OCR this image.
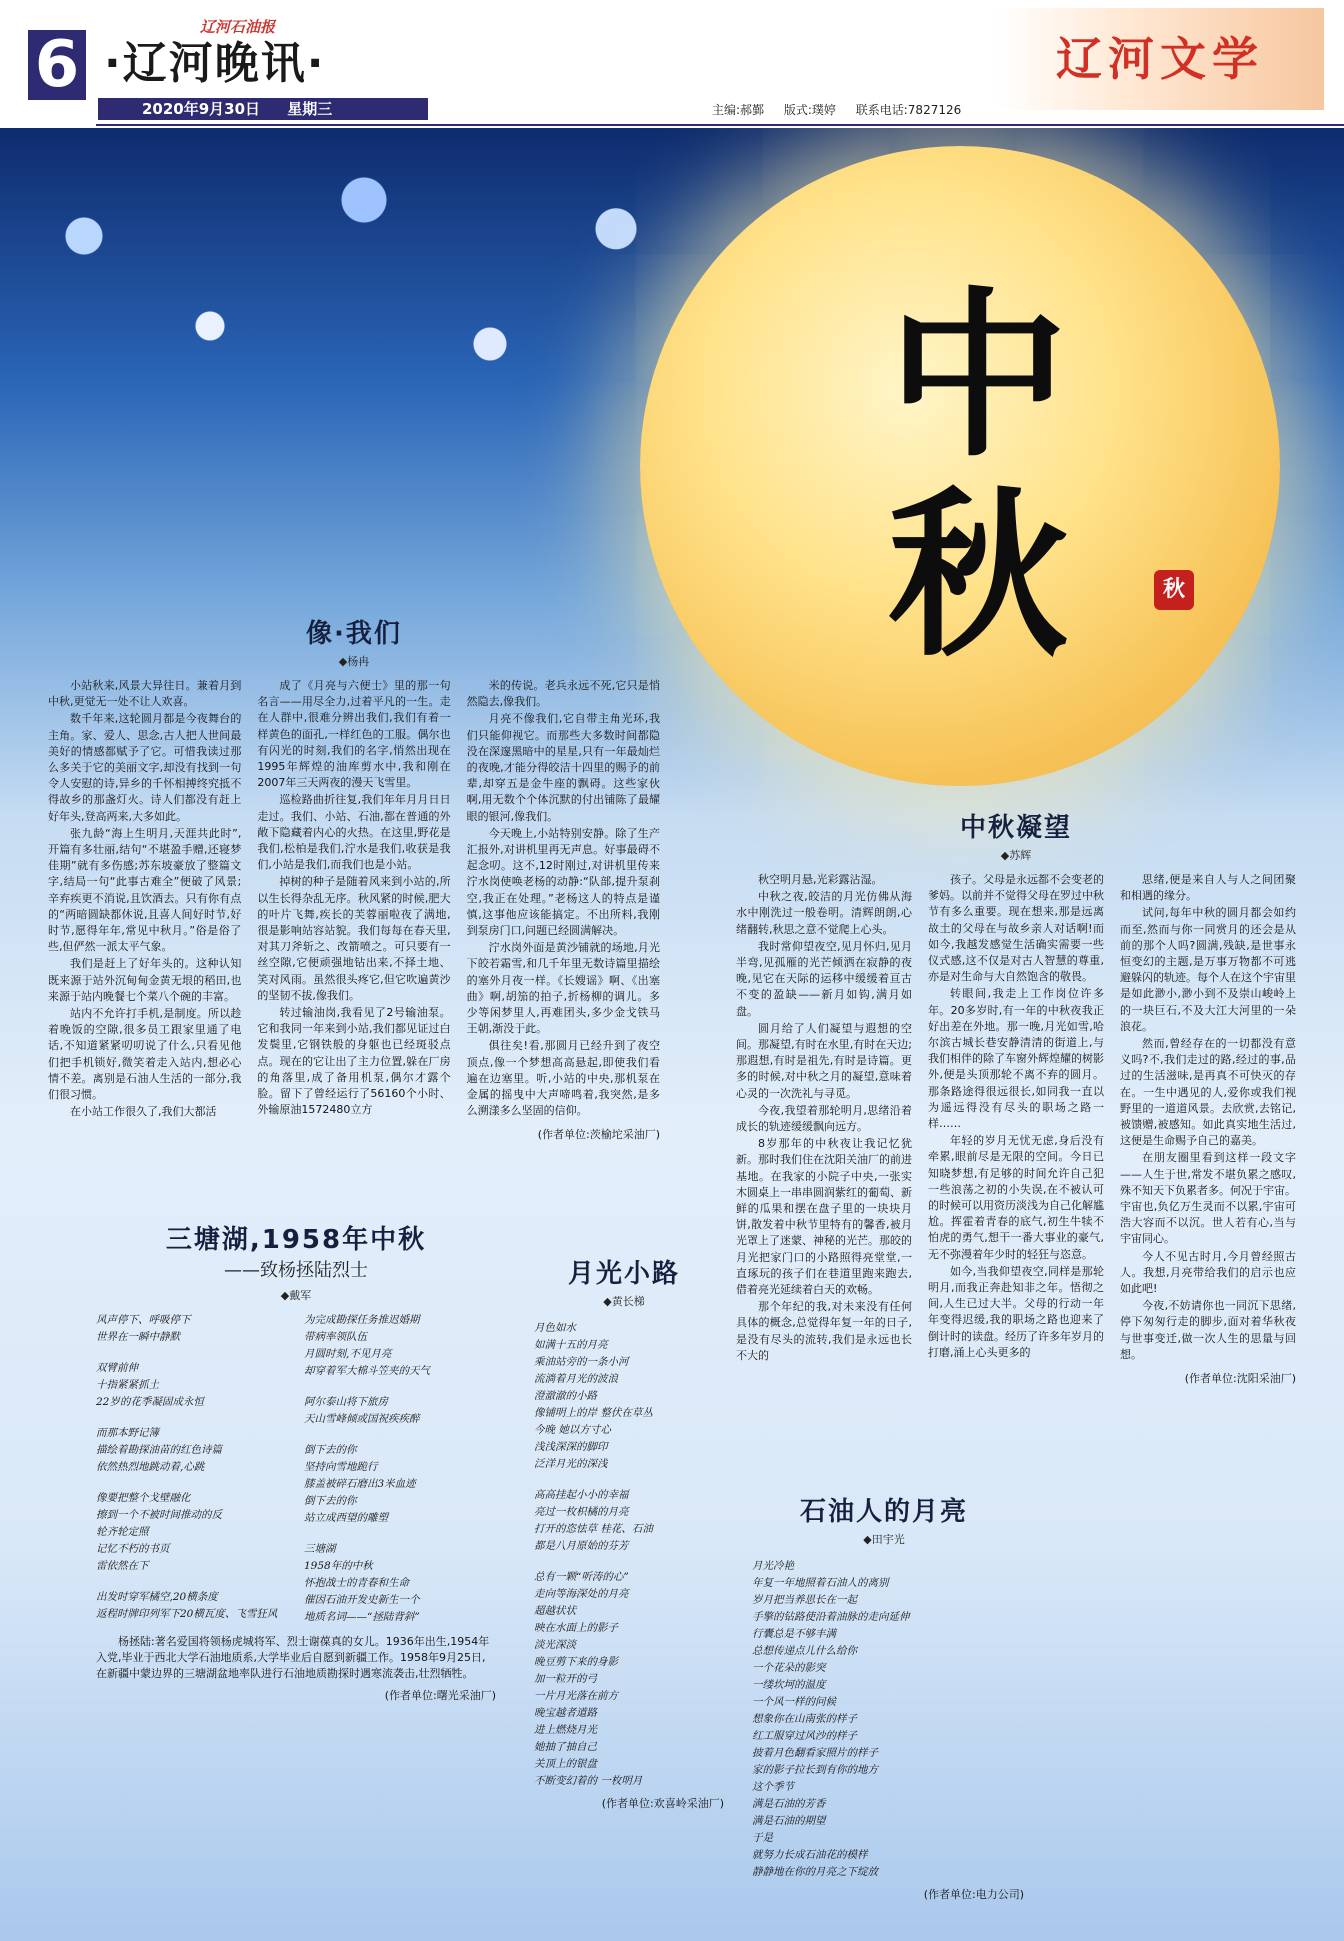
中秋	秋
6
辽河石油报
·辽河晚讯·
2020年9月30日 星期三	主编:郝鄞 版式:璞婷 联系电话:7827126
辽河文学
像·我们
◆杨冉

小站秋来,风景大异往日。兼着月到中秋,更觉无一处不让人欢喜。

数千年来,这轮圆月都是今夜舞台的主角。家、爱人、思念,古人把人世间最美好的情感都赋予了它。可惜我读过那么多关于它的美丽文字,却没有找到一句令人安慰的诗,异乡的千怀相搏终究抵不得故乡的那盏灯火。诗人们都没有赶上好年头,登高两来,大多如此。

张九龄“海上生明月,天涯共此时”,开篇有多壮丽,结句“不堪盈手赠,还寝梦佳期”就有多伤感;苏东坡豪放了整篇文字,结局一句“此事古难全”便破了风景;辛弃疾更不消说,且饮酒去。只有你有点的“两暗圆缺都休说,且喜人间好时节,好时节,愿得年年,常见中秋月。”俗是俗了些,但俨然一派太平气象。

我们是赶上了好年头的。这种认知既来源于站外沉甸甸金黄无垠的稻田,也来源于站内晚餐七个菜八个碗的丰富。

站内不允许打手机,是制度。所以趁着晚饭的空隙,很多员工跟家里通了电话,不知道紧紧叨叨说了什么,只看见他们把手机锁好,微笑着走入站内,想必心情不差。离别是石油人生活的一部分,我们很习惯。

在小站工作很久了,我们大都活

成了《月亮与六便士》里的那一句名言——用尽全力,过着平凡的一生。走在人群中,很难分辨出我们,我们有着一样黄色的面孔,一样红色的工服。偶尔也有闪光的时刻,我们的名字,悄然出现在1995年辉煌的油库剪水中,我和刚在2007年三天两夜的漫天飞雪里。

巡检路曲折往复,我们年年月月日日走过。我们、小站、石油,都在普通的外敞下隐藏着内心的火热。在这里,野花是我们,松柏是我们,泞水是我们,收获是我们,小站是我们,而我们也是小站。

掉树的种子是随着风来到小站的,所以生长得杂乱无序。秋风紧的时候,肥大的叶片飞舞,疾长的芙蓉丽啦夜了满地,很是影响站容站貌。我们每每在春天里,对其刀斧斩之、改箭喷之。可只要有一丝空隙,它便顽强地钻出来,不择土地、笑对风雨。虽然很头疼它,但它吹遍黄沙的坚韧不拔,像我们。

转过输油岗,我看见了2号输油泵。它和我同一年来到小站,我们都见证过白发鬓里,它钢铁般的身躯也已经斑驳点点。现在的它让出了主力位置,躲在厂房的角落里,成了备用机泵,偶尔才露个脸。留下了曾经运行了56160个小时、外输原油1572480立方

米的传说。老兵永远不死,它只是悄然隐去,像我们。

月亮不像我们,它自带主角光环,我们只能仰视它。而那些大多数时间都隐没在深邃黑暗中的星星,只有一年最灿烂的夜晚,才能分得皎洁十四里的赐予的前辈,却穿五是金牛座的飘碍。这些家伙啊,用无数个个体沉默的付出铺陈了最耀眼的银河,像我们。

今天晚上,小站特别安静。除了生产汇报外,对讲机里再无声息。好事最碍不起念叨。这不,12时刚过,对讲机里传来泞水岗使唤老杨的动静:“队部,提升泵刹空,我正在处理。”老杨这人的特点是谨慎,这事他应该能搞定。不出所料,我刚到泵房门口,问题已经圆满解决。

泞水岗外面是黄沙铺就的场地,月光下皎若霜雪,和几千年里无数诗篇里描绘的塞外月夜一样。《长嫂谣》啊、《出塞曲》啊,胡笳的拍子,折杨柳的调儿。多少等闲梦里人,再难团头,多少金戈铁马王朝,渐没于此。

俱往矣!看,那圆月已经升到了夜空顶点,像一个梦想高高悬起,即使我们看遍在边塞里。听,小站的中央,那机泵在金属的摇曳中大声啼鸣着,我突然,是多么溯漾多么坚固的信仰。

(作者单位:茨榆坨采油厂)
中秋凝望
◆苏辉

秋空明月悬,光彩露沾湿。

中秋之夜,皎洁的月光仿佛从海水中刚洗过一般卷明。清辉朗朗,心绪翻转,秋思之意不觉爬上心头。

我时常仰望夜空,见月怀归,见月半弯,见孤雁的光芒倾洒在寂静的夜晚,见它在天际的运移中缓缓着亘古不变的盈缺——新月如钩,满月如盘。

圆月给了人们凝望与遐想的空间。那凝望,有时在水里,有时在天边;那遐想,有时是祖先,有时是诗篇。更多的时候,对中秋之月的凝望,意味着心灵的一次洗礼与寻觅。

今夜,我望着那轮明月,思绪沿着成长的轨迹缓缓飘向远方。

8岁那年的中秋夜让我记忆犹新。那时我们住在沈阳关油厂的前进基地。在我家的小院子中央,一张实木圆桌上一串串圆润紫红的葡萄、新鲜的瓜果和摆在盘子里的一块块月饼,散发着中秋节里特有的馨香,被月光罩上了迷蒙、神秘的光芒。那皎的月光把家门口的小路照得亮堂堂,一直琢玩的孩子们在巷道里跑来跑去,借着亮光延续着白天的欢畅。

那个年纪的我,对未来没有任何具体的概念,总觉得年复一年的日子,是没有尽头的流转,我们是永远也长不大的

孩子。父母是永远都不会变老的爹妈。以前并不觉得父母在罗过中秋节有多么重要。现在想来,那是远离故土的父母在与故乡亲人对话啊!而如今,我越发感觉生活确实需要一些仪式感,这不仅是对古人智慧的尊重,亦是对生命与大自然饱含的敬畏。

转眼间,我走上工作岗位许多年。20多岁时,有一年的中秋夜我正好出差在外地。那一晚,月光如雪,哈尔滨古城长巷安静清清的街道上,与我们相伴的除了车窗外辉煌耀的树影外,便是头顶那轮不离不弃的圆月。那条路途得很远很长,如同我一直以为遥远得没有尽头的职场之路一样……

年轻的岁月无忧无虑,身后没有牵累,眼前尽是无限的空间。今日已知晓梦想,有足够的时间允许自己犯一些浪荡之初的小失误,在不被认可的时候可以用资历淡浅为自己化解尴尬。挥霍着青春的底气,初生牛犊不怕虎的勇气,想干一番大事业的豪气,无不弥漫着年少时的轻狂与恣意。

如今,当我仰望夜空,同样是那轮明月,而我正奔赴知非之年。悟彻之间,人生已过大半。父母的行动一年年变得迟缓,我的职场之路也迎来了倒计时的读盘。经历了许多年岁月的打磨,涌上心头更多的

思绪,便是来自人与人之间团聚和相遇的缘分。

试问,每年中秋的圆月都会如约而至,然而与你一同赏月的还会是从前的那个人吗?圆满,残缺,是世事永恒变幻的主题,是万事万物都不可逃避躲闪的轨迹。每个人在这个宇宙里是如此渺小,渺小到不及崇山峻岭上的一块巨石,不及大江大河里的一朵浪花。

然而,曾经存在的一切都没有意义吗?不,我们走过的路,经过的事,品过的生活滋味,是再真不可快灭的存在。一生中遇见的人,爱你或我们视野里的一道道风景。去欣赏,去铭记,被馈赠,被感知。如此真实地生活过,这便是生命赐予自己的嘉美。

在朋友圈里看到这样一段文字——人生于世,常发不堪负累之感叹,殊不知天下负累者多。何况于宇宙。宇宙也,负亿万生灵而不以累,宇宙可浩大容而不以沉。世人若有心,当与宇宙同心。

今人不见古时月,今月曾经照古人。我想,月亮带给我们的启示也应如此吧!

今夜,不妨请你也一同沉下思绪,停下匆匆行走的脚步,面对着华秋夜与世事变迁,做一次人生的思量与回想。

(作者单位:沈阳采油厂)
三塘湖,1958年中秋
——致杨拯陆烈士
◆戴军

风声停下、呼吸停下

世界在一瞬中静默

双臂前伸

十指紧紧抓土

22岁的花季凝固成永恒

而那本野记簿

描绘着勘探油苗的红色诗篇

依然热烈地跳动着,心跳

像要把整个戈壁融化

擦到一个不被时间推动的反

轮齐轮定照

记忆不朽的书页

雷依然在下

出发时穿军橘空,20横条度

返程时牌印列军下20横瓦度、飞雪狂风

为完成勘探任务推迟婚期

带病率领队伍

月圆时刻,不见月亮

却穿着军大棉斗笠夹的天气

阿尔泰山将下旅房

天山雪峰倾或国祝疾疾醉

倒下去的你

坚持向雪地跪行

膝盖被碎石磨出3米血迹

倒下去的你

站立成西望的雕塑

三塘湖

1958年的中秋

怀抱战士的青春和生命

催因石油开发史新生一个

地质名词——“拯陆背斜”

杨拯陆:著名爱国将领杨虎城将军、烈士谢葆真的女儿。1936年出生,1954年入党,毕业于西北大学石油地质系,大学毕业后自愿到新疆工作。1958年9月25日,在新疆中蒙边界的三塘湖盆地率队进行石油地质勘探时遇寒流袭击,壮烈牺牲。
(作者单位:曙光采油厂)
月光小路
◆黄长梯

月色如水

如满十五的月亮

乘油站旁的一条小河

流淌着月光的波浪

澄澈澈的小路

像铺明上的岸 整伏在草丛

今晚 她以方寸心

浅浅深深的脚印

泛洋月光的深浅

高高挂起小小的幸福

亮过一枚枳橘的月亮

打开的恣怯草 桂花、石油

都是八月原始的芬芳

总有一颗“听涛的心”

走向等海深处的月亮

超越状状

映在水面上的影子

淡光深淡

晚豆剪下来的身影

加一粒开的弓

一片月光落在前方

晚宝越者道路

进上燃烧月光

她抽了抽自己

关顶上的银盘

不断变幻着的 一枚明月

(作者单位:欢喜岭采油厂)
石油人的月亮
◆田宇光

月光冷艳

年复一年地照着石油人的离别

岁月把当养思长在一起

手擎的钻路使沿着油脉的走向延伸

行囊总是不够丰满

总想传递点儿什么给你

一个花朵的影突

一缕坎坷的温度

一个风一样的问候

想象你在山南张的样子

红工服穿过风沙的样子

披着月色翻看家照片的样子

家的影子拉长到有你的地方

这个季节

满是石油的芳香

满是石油的期望

于是

就努力长成石油花的模样

静静地在你的月亮之下绽放

(作者单位:电力公司)
